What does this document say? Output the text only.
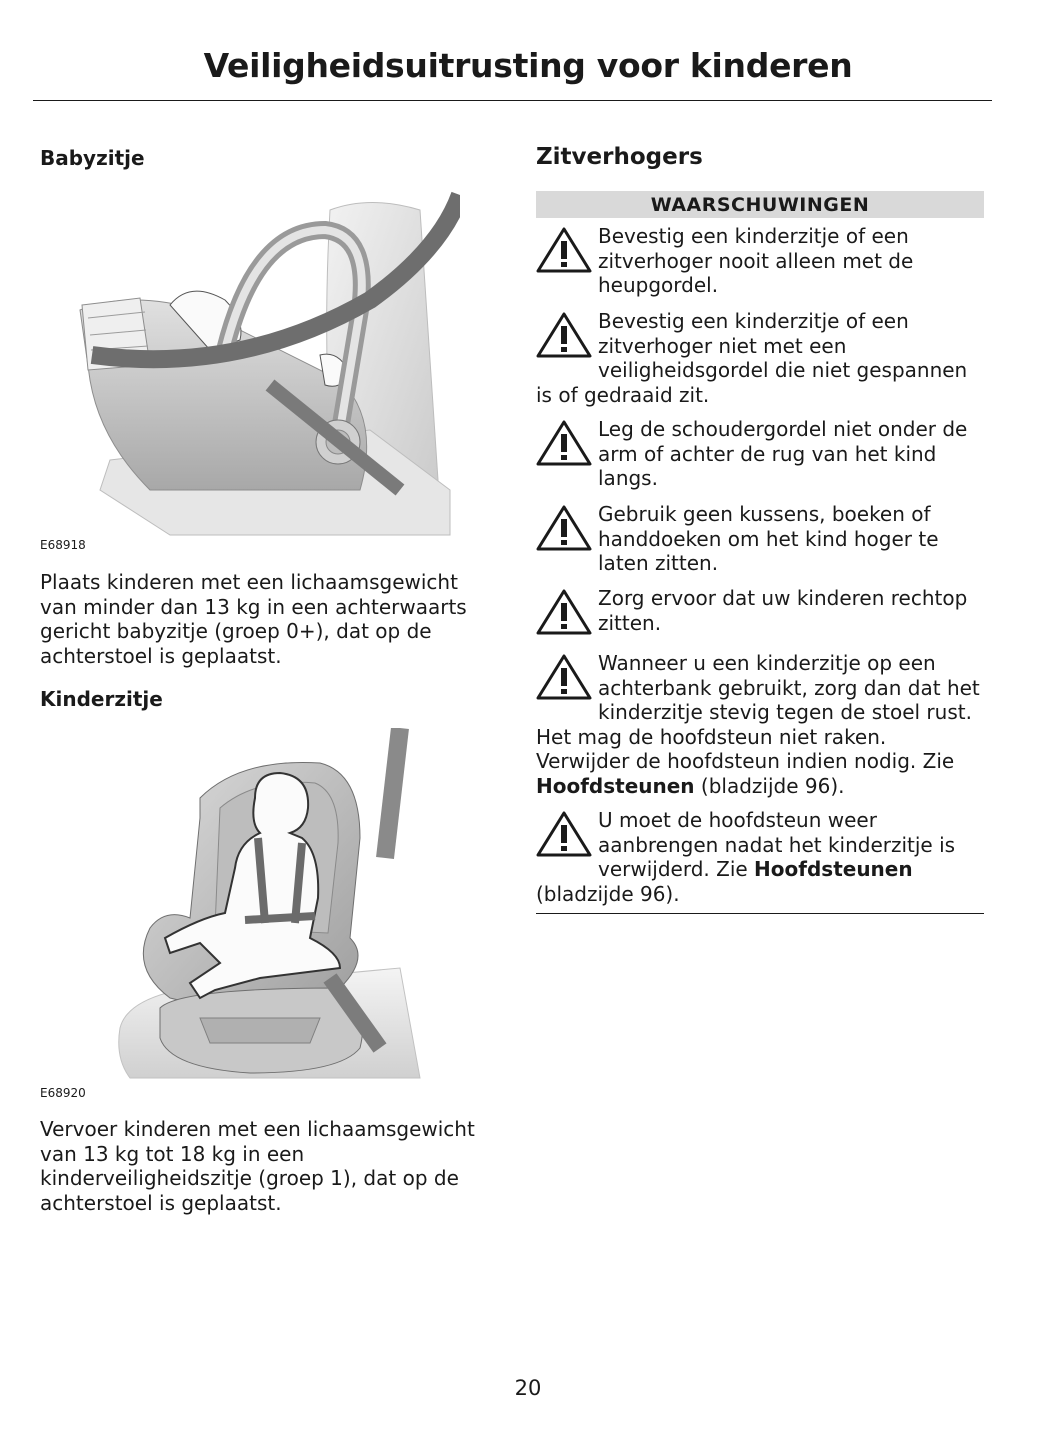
Veiligheidsuitrusting voor kinderen
Babyzitje
E68918

Plaats kinderen met een lichaamsgewicht van minder dan 13 kg in een achterwaarts gericht babyzitje (groep 0+), dat op de achterstoel is geplaatst.

Kinderzitje
E68920

Vervoer kinderen met een lichaamsgewicht van 13 kg tot 18 kg in een kinderveiligheidszitje (groep 1), dat op de achterstoel is geplaatst.

Zitverhogers
WAARSCHUWINGEN

Bevestig een kinderzitje of een zitverhoger nooit alleen met de heupgordel.

Bevestig een kinderzitje of een zitverhoger niet met een veiligheidsgordel die niet gespannen is of gedraaid zit.

Leg de schoudergordel niet onder de arm of achter de rug van het kind langs.

Gebruik geen kussens, boeken of handdoeken om het kind hoger te laten zitten.

Zorg ervoor dat uw kinderen rechtop zitten.

Wanneer u een kinderzitje op een achterbank gebruikt, zorg dan dat het kinderzitje stevig tegen de stoel rust. Het mag de hoofdsteun niet raken. Verwijder de hoofdsteun indien nodig. Zie Hoofdsteunen (bladzijde 96).

U moet de hoofdsteun weer aanbrengen nadat het kinderzitje is verwijderd. Zie Hoofdsteunen (bladzijde 96).

20
